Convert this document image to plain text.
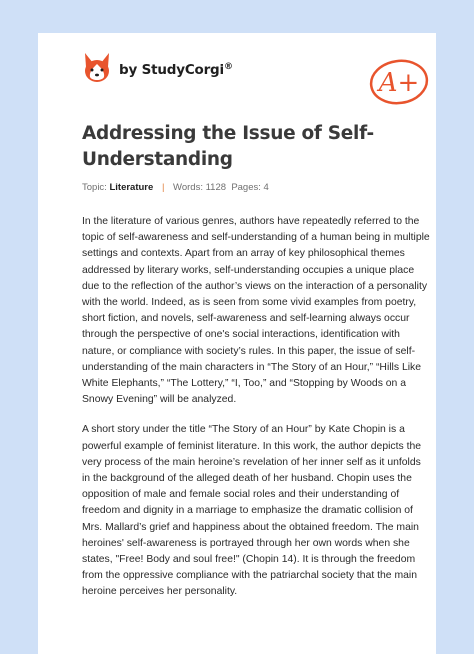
by StudyCorgi®
A+
Addressing the Issue of Self-Understanding
Topic: Literature | Words: 1128 Pages: 4

In the literature of various genres, authors have repeatedly referred to the topic of self-awareness and self-understanding of a human being in multiple settings and contexts. Apart from an array of key philosophical themes addressed by literary works, self-understanding occupies a unique place due to the reflection of the author’s views on the interaction of a personality with the world. Indeed, as is seen from some vivid examples from poetry, short fiction, and novels, self-awareness and self-learning always occur through the perspective of one's social interactions, identification with nature, or compliance with society’s rules. In this paper, the issue of self-understanding of the main characters in “The Story of an Hour,” “Hills Like White Elephants,” “The Lottery,” “I, Too,” and “Stopping by Woods on a Snowy Evening” will be analyzed.

A short story under the title “The Story of an Hour” by Kate Chopin is a powerful example of feminist literature. In this work, the author depicts the very process of the main heroine’s revelation of her inner self as it unfolds in the background of the alleged death of her husband. Chopin uses the opposition of male and female social roles and their understanding of freedom and dignity in a marriage to emphasize the dramatic collision of Mrs. Mallard’s grief and happiness about the obtained freedom. The main heroines' self-awareness is portrayed through her own words when she states, "Free! Body and soul free!" (Chopin 14). It is through the freedom from the oppressive compliance with the patriarchal society that the main heroine perceives her personality.
